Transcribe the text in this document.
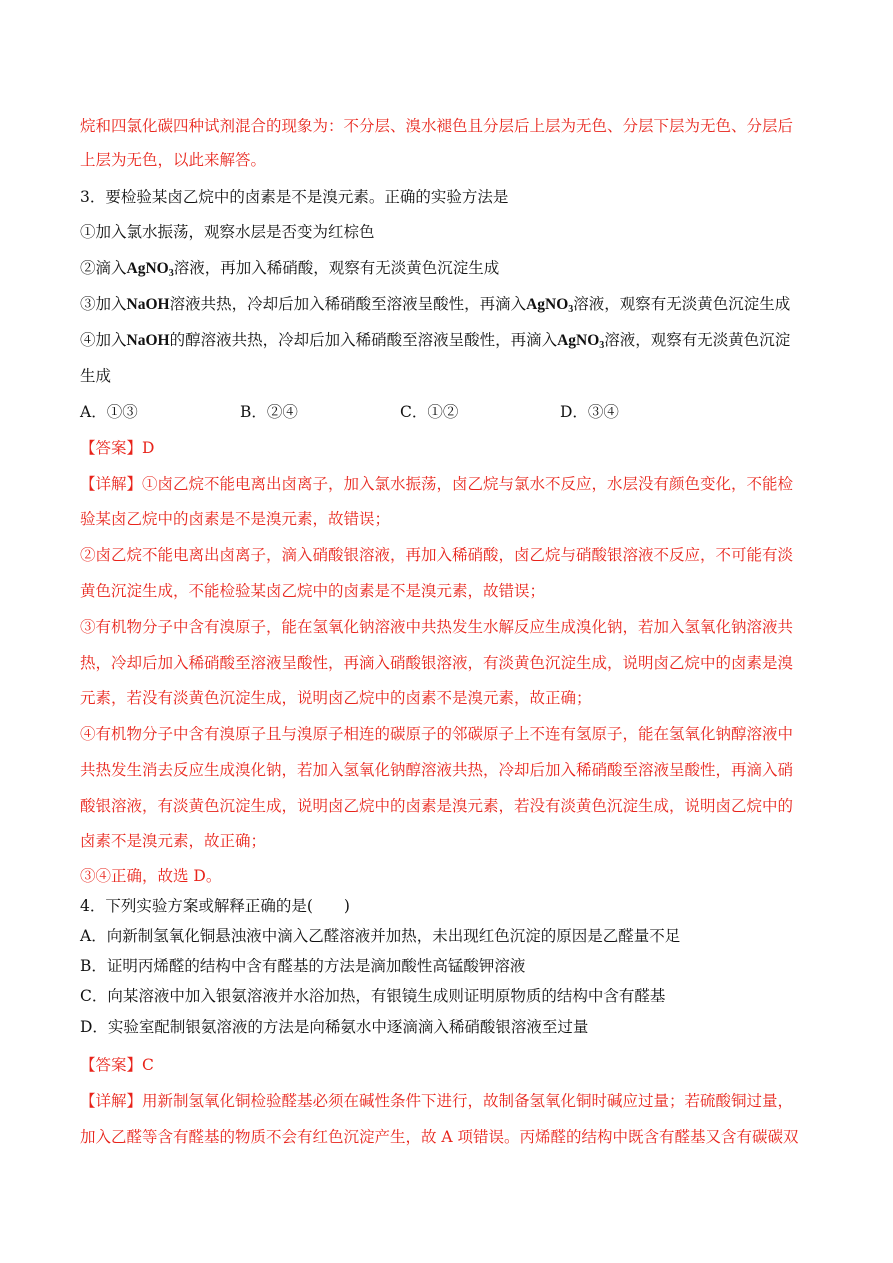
烷和四氯化碳四种试剂混合的现象为：不分层、溴水褪色且分层后上层为无色、分层下层为无色、分层后
上层为无色，以此来解答。
3．要检验某卤乙烷中的卤素是不是溴元素。正确的实验方法是
①加入氯水振荡，观察水层是否变为红棕色
②滴入AgNO$_3$溶液，再加入稀硝酸，观察有无淡黄色沉淀生成
③加入NaOH溶液共热，冷却后加入稀硝酸至溶液呈酸性，再滴入AgNO$_3$溶液，观察有无淡黄色沉淀生成
④加入NaOH的醇溶液共热，冷却后加入稀硝酸至溶液呈酸性，再滴入AgNO$_3$溶液，观察有无淡黄色沉淀
生成
A．①③	B．②④	C．①②	D．③④
【答案】D
【详解】①卤乙烷不能电离出卤离子，加入氯水振荡，卤乙烷与氯水不反应，水层没有颜色变化，不能检
验某卤乙烷中的卤素是不是溴元素，故错误；
②卤乙烷不能电离出卤离子，滴入硝酸银溶液，再加入稀硝酸，卤乙烷与硝酸银溶液不反应，不可能有淡
黄色沉淀生成，不能检验某卤乙烷中的卤素是不是溴元素，故错误；
③有机物分子中含有溴原子，能在氢氧化钠溶液中共热发生水解反应生成溴化钠，若加入氢氧化钠溶液共
热，冷却后加入稀硝酸至溶液呈酸性，再滴入硝酸银溶液，有淡黄色沉淀生成，说明卤乙烷中的卤素是溴
元素，若没有淡黄色沉淀生成，说明卤乙烷中的卤素不是溴元素，故正确；
④有机物分子中含有溴原子且与溴原子相连的碳原子的邻碳原子上不连有氢原子，能在氢氧化钠醇溶液中
共热发生消去反应生成溴化钠，若加入氢氧化钠醇溶液共热，冷却后加入稀硝酸至溶液呈酸性，再滴入硝
酸银溶液，有淡黄色沉淀生成，说明卤乙烷中的卤素是溴元素，若没有淡黄色沉淀生成，说明卤乙烷中的
卤素不是溴元素，故正确；
③④正确，故选 D。
4．下列实验方案或解释正确的是(　　)
A．向新制氢氧化铜悬浊液中滴入乙醛溶液并加热，未出现红色沉淀的原因是乙醛量不足
B．证明丙烯醛的结构中含有醛基的方法是滴加酸性高锰酸钾溶液
C．向某溶液中加入银氨溶液并水浴加热，有银镜生成则证明原物质的结构中含有醛基
D．实验室配制银氨溶液的方法是向稀氨水中逐滴滴入稀硝酸银溶液至过量
【答案】C
【详解】用新制氢氧化铜检验醛基必须在碱性条件下进行，故制备氢氧化铜时碱应过量；若硫酸铜过量，
加入乙醛等含有醛基的物质不会有红色沉淀产生，故 A 项错误。丙烯醛的结构中既含有醛基又含有碳碳双
